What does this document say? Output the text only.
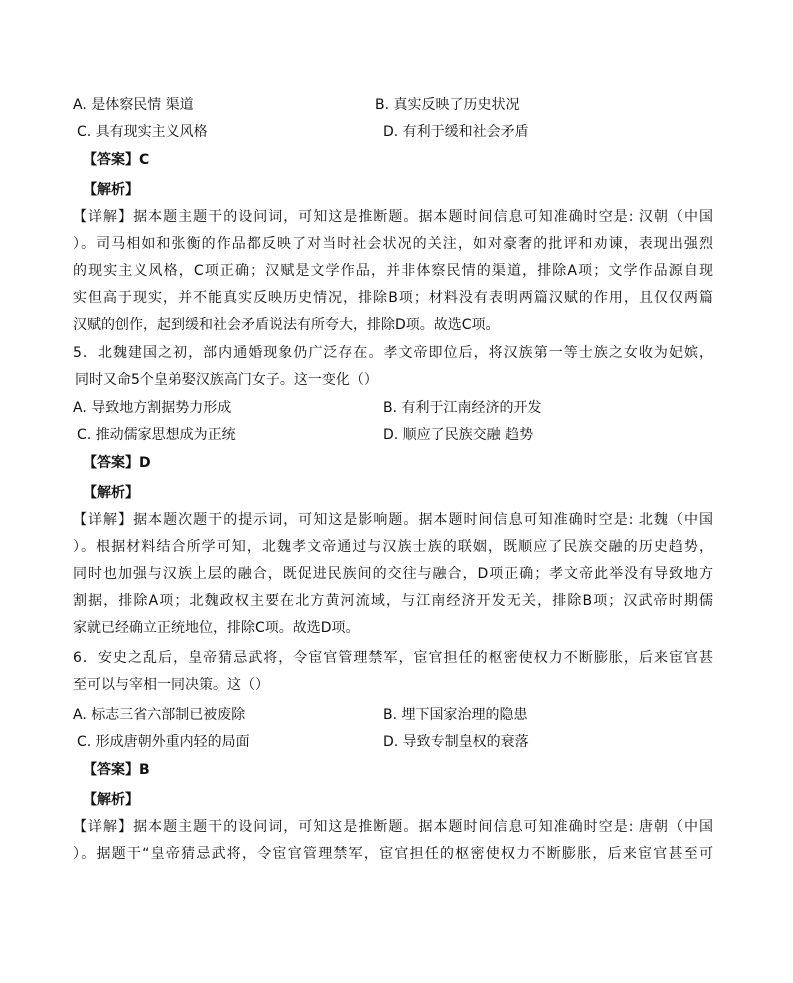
A. 是体察民情 渠道	B. 真实反映了历史状况
C. 具有现实主义风格	D. 有利于缓和社会矛盾
【答案】C
【解析】
【详解】据本题主题干的设问词，可知这是推断题。据本题时间信息可知准确时空是: 汉朝（中国
）。司马相如和张衡的作品都反映了对当时社会状况的关注，如对豪奢的批评和劝谏，表现出强烈
的现实主义风格，C项正确；汉赋是文学作品，并非体察民情的渠道，排除A项；文学作品源自现
实但高于现实，并不能真实反映历史情况，排除B项；材料没有表明两篇汉赋的作用，且仅仅两篇
汉赋的创作，起到缓和社会矛盾说法有所夸大，排除D项。故选C项。
5．北魏建国之初，部内通婚现象仍广泛存在。孝文帝即位后，将汉族第一等士族之女收为妃嫔，
同时又命5个皇弟娶汉族高门女子。这一变化（）
A. 导致地方割据势力形成	B. 有利于江南经济的开发
C. 推动儒家思想成为正统	D. 顺应了民族交融 趋势
【答案】D
【解析】
【详解】据本题次题干的提示词，可知这是影响题。据本题时间信息可知准确时空是: 北魏（中国
）。根据材料结合所学可知，北魏孝文帝通过与汉族士族的联姻，既顺应了民族交融的历史趋势，
同时也加强与汉族上层的融合，既促进民族间的交往与融合，D项正确；孝文帝此举没有导致地方
割据，排除A项；北魏政权主要在北方黄河流域，与江南经济开发无关，排除B项；汉武帝时期儒
家就已经确立正统地位，排除C项。故选D项。
6．安史之乱后，皇帝猜忌武将，令宦官管理禁军，宦官担任的枢密使权力不断膨胀，后来宦官甚
至可以与宰相一同决策。这（）
A. 标志三省六部制已被废除	B. 埋下国家治理的隐患
C. 形成唐朝外重内轻的局面	D. 导致专制皇权的衰落
【答案】B
【解析】
【详解】据本题主题干的设问词，可知这是推断题。据本题时间信息可知准确时空是: 唐朝（中国
）。据题干“皇帝猜忌武将，令宦官管理禁军，宦官担任的枢密使权力不断膨胀，后来宦官甚至可
